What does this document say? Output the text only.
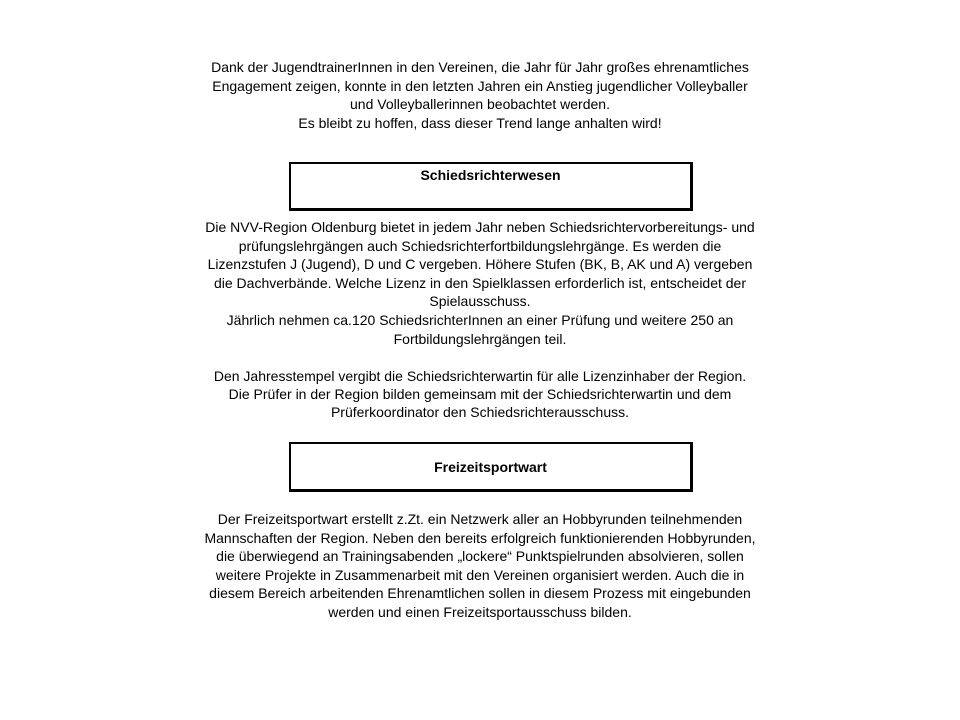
Dank der JugendtrainerInnen in den Vereinen, die Jahr für Jahr großes ehrenamtliches
Engagement zeigen, konnte in den letzten Jahren ein Anstieg jugendlicher Volleyballer
und Volleyballerinnen beobachtet werden.
Es bleibt zu hoffen, dass dieser Trend lange anhalten wird!
Schiedsrichterwesen
Die NVV-Region Oldenburg bietet in jedem Jahr neben Schiedsrichtervorbereitungs- und
prüfungslehrgängen auch Schiedsrichterfortbildungslehrgänge. Es werden die
Lizenzstufen J (Jugend), D und C vergeben. Höhere Stufen (BK, B, AK und A) vergeben
die Dachverbände. Welche Lizenz in den Spielklassen erforderlich ist, entscheidet der
Spielausschuss.
Jährlich nehmen ca.120 SchiedsrichterInnen an einer Prüfung und weitere 250 an
Fortbildungslehrgängen teil.

Den Jahresstempel vergibt die Schiedsrichterwartin für alle Lizenzinhaber der Region.
Die Prüfer in der Region bilden gemeinsam mit der Schiedsrichterwartin und dem
Prüferkoordinator den Schiedsrichterausschuss.
Freizeitsportwart
Der Freizeitsportwart erstellt z.Zt. ein Netzwerk aller an Hobbyrunden teilnehmenden
Mannschaften der Region. Neben den bereits erfolgreich funktionierenden Hobbyrunden,
die überwiegend an Trainingsabenden „lockere“ Punktspielrunden absolvieren, sollen
weitere Projekte in Zusammenarbeit mit den Vereinen organisiert werden. Auch die in
diesem Bereich arbeitenden Ehrenamtlichen sollen in diesem Prozess mit eingebunden
werden und einen Freizeitsportausschuss bilden.
